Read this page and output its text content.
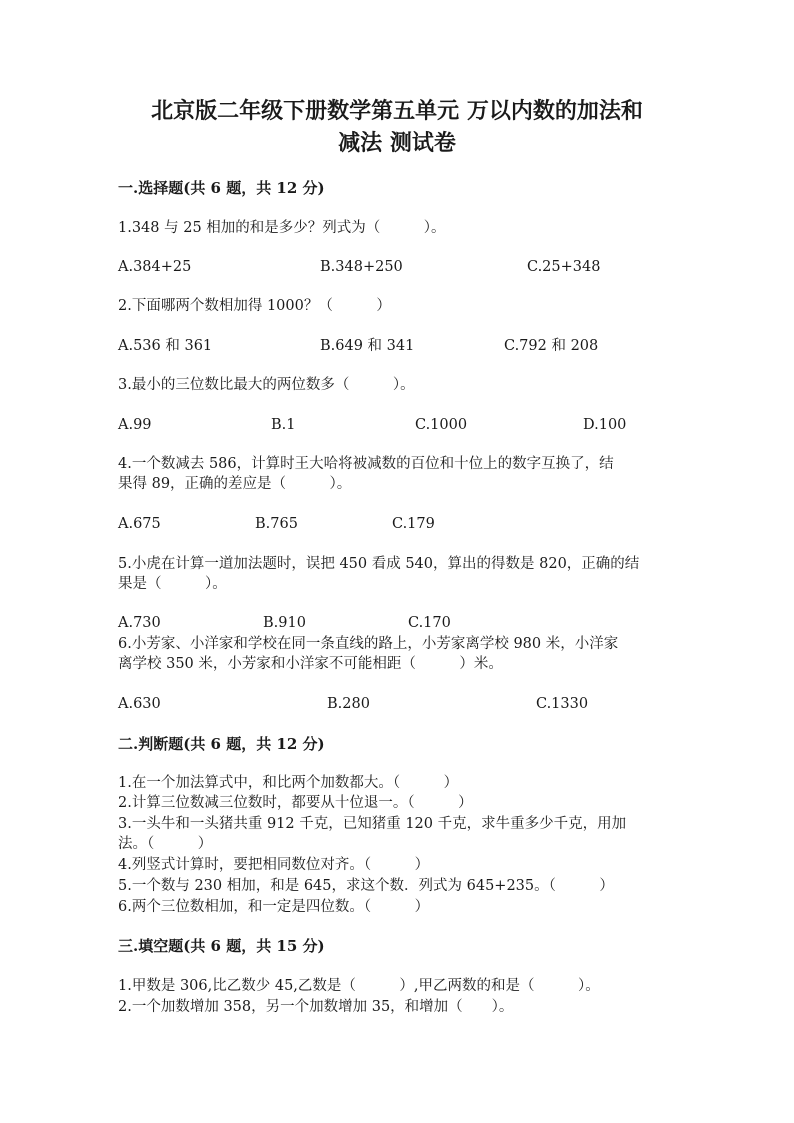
北京版二年级下册数学第五单元 万以内数的加法和
减法 测试卷
一.选择题(共 6 题，共 12 分)
1.348 与 25 相加的和是多少？列式为（　　　）。
A.384+25	B.348+250	C.25+348
2.下面哪两个数相加得 1000？（　　　）
A.536 和 361	B.649 和 341	C.792 和 208
3.最小的三位数比最大的两位数多（　　　）。
A.99	B.1	C.1000	D.100
4.一个数减去 586，计算时王大哈将被减数的百位和十位上的数字互换了，结
果得 89，正确的差应是（　　　）。
A.675	B.765	C.179
5.小虎在计算一道加法题时，误把 450 看成 540，算出的得数是 820，正确的结
果是（　　　）。
A.730	B.910	C.170
6.小芳家、小洋家和学校在同一条直线的路上，小芳家离学校 980 米，小洋家
离学校 350 米，小芳家和小洋家不可能相距（　　　）米。
A.630	B.280	C.1330
二.判断题(共 6 题，共 12 分)
1.在一个加法算式中，和比两个加数都大。（　　　）
2.计算三位数减三位数时，都要从十位退一。（　　　）
3.一头牛和一头猪共重 912 千克，已知猪重 120 千克，求牛重多少千克，用加
法。（　　　）
4.列竖式计算时，要把相同数位对齐。（　　　）
5.一个数与 230 相加，和是 645，求这个数．列式为 645+235。（　　　）
6.两个三位数相加，和一定是四位数。（　　　）
三.填空题(共 6 题，共 15 分)
1.甲数是 306,比乙数少 45,乙数是（　　　）,甲乙两数的和是（　　　）。
2.一个加数增加 358，另一个加数增加 35，和增加（　　）。
